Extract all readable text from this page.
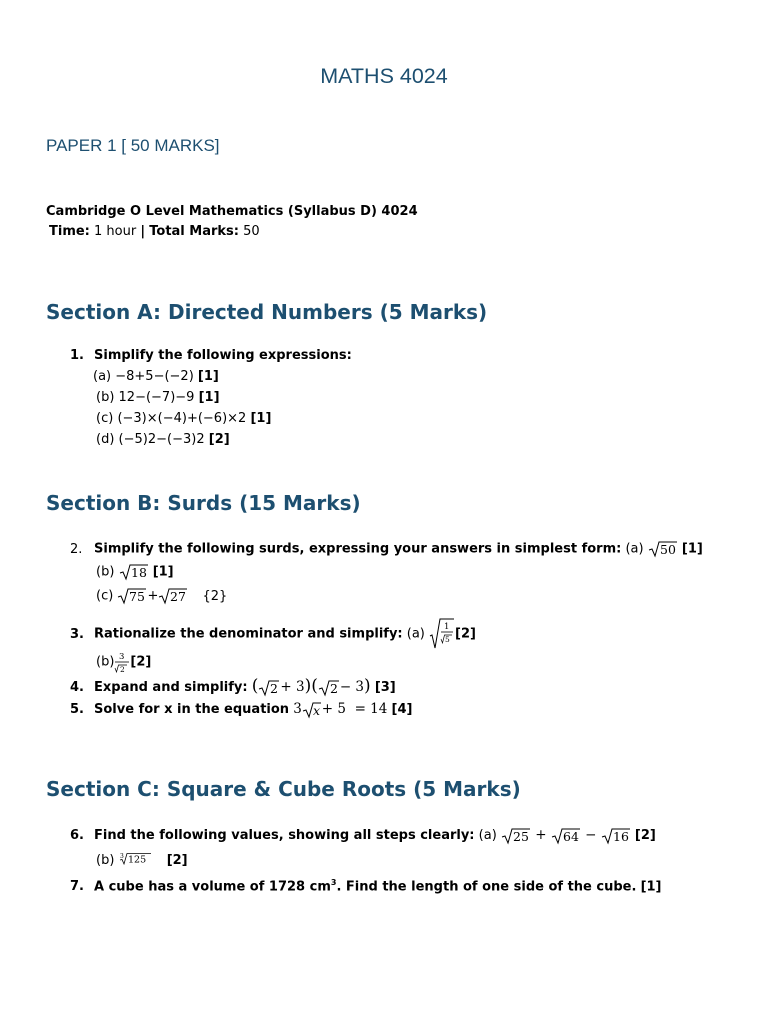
MATHS 4024
PAPER 1 [ 50 MARKS]
Cambridge O Level Mathematics (Syllabus D) 4024
Time: 1 hour | Total Marks: 50
Section A: Directed Numbers (5 Marks)
1. Simplify the following expressions:
(a) −8+5−(−2) [1]
(b) 12−(−7)−9 [1]
(c) (−3)×(−4)+(−6)×2 [1]
(d) (−5)2−(−3)2 [2]
Section B: Surds (15 Marks)
2. Simplify the following surds, expressing your answers in simplest form: (a) 50 [1]
(b) 18 [1]
(c) 75 + 27 {2}
3. Rationalize the denominator and simplify: (a) 1
5 [2]
(b) 3
2 [2]
4. Expand and simplify: ( 2 + 3)( 2 − 3) [3]
5. Solve for x in the equation 3 x + 5  = 14 [4]
Section C: Square & Cube Roots (5 Marks)
6. Find the following values, showing all steps clearly: (a) 25 + 64 − 16 [2]
(b) 3 125 [2]
7. A cube has a volume of 1728 $cm^3$. Find the length of one side of the cube. [1]
